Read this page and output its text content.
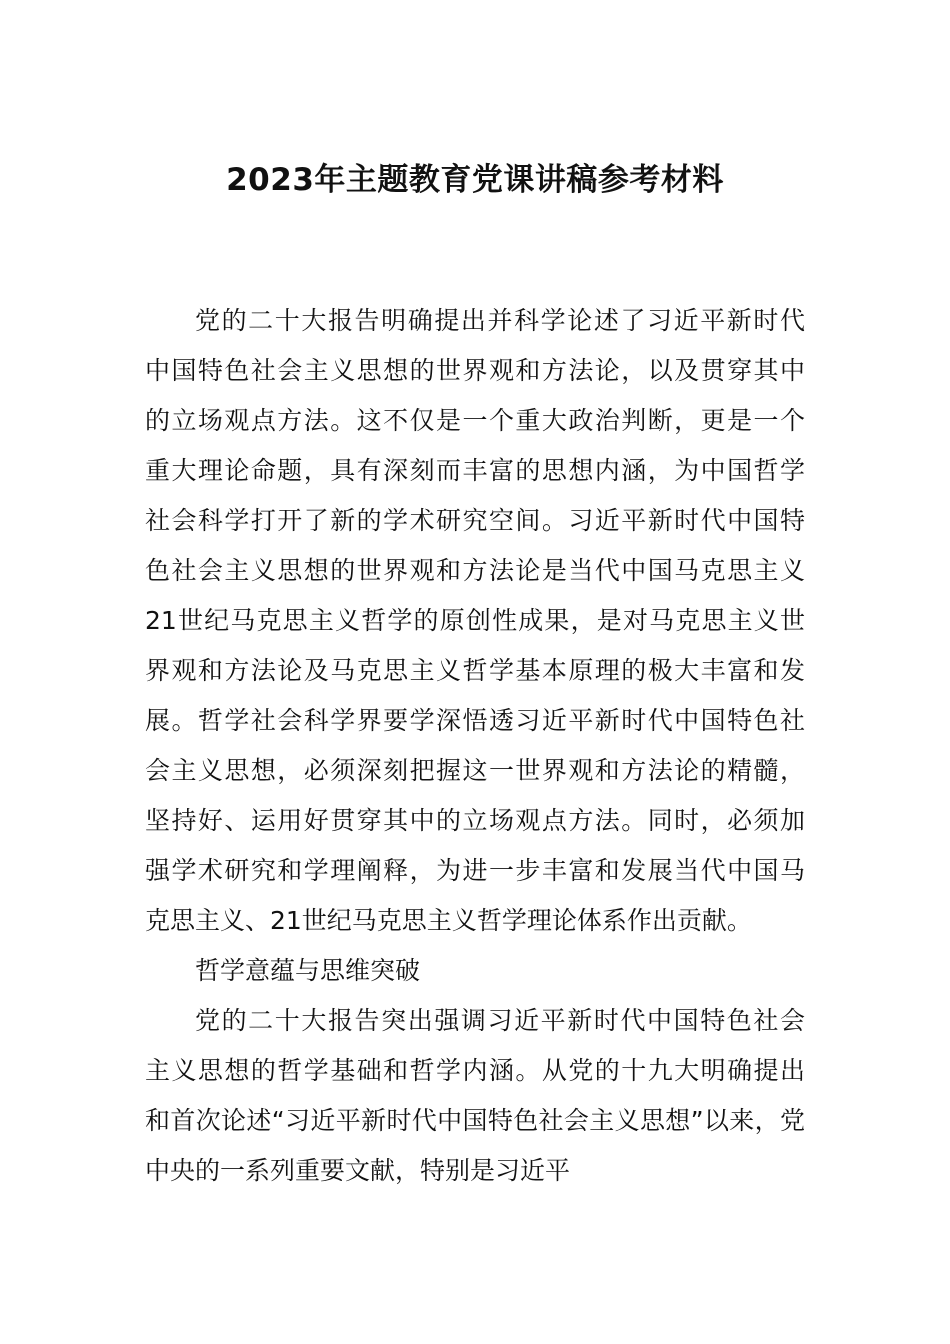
2023年主题教育党课讲稿参考材料
党的二十大报告明确提出并科学论述了习近平新时代
中国特色社会主义思想的世界观和方法论，以及贯穿其中
的立场观点方法。这不仅是一个重大政治判断，更是一个
重大理论命题，具有深刻而丰富的思想内涵，为中国哲学
社会科学打开了新的学术研究空间。习近平新时代中国特
色社会主义思想的世界观和方法论是当代中国马克思主义
21世纪马克思主义哲学的原创性成果，是对马克思主义世
界观和方法论及马克思主义哲学基本原理的极大丰富和发
展。哲学社会科学界要学深悟透习近平新时代中国特色社
会主义思想，必须深刻把握这一世界观和方法论的精髓，
坚持好、运用好贯穿其中的立场观点方法。同时，必须加
强学术研究和学理阐释，为进一步丰富和发展当代中国马
克思主义、21世纪马克思主义哲学理论体系作出贡献。
哲学意蕴与思维突破
党的二十大报告突出强调习近平新时代中国特色社会
主义思想的哲学基础和哲学内涵。从党的十九大明确提出
和首次论述“习近平新时代中国特色社会主义思想”以来，党
中央的一系列重要文献，特别是习近平
